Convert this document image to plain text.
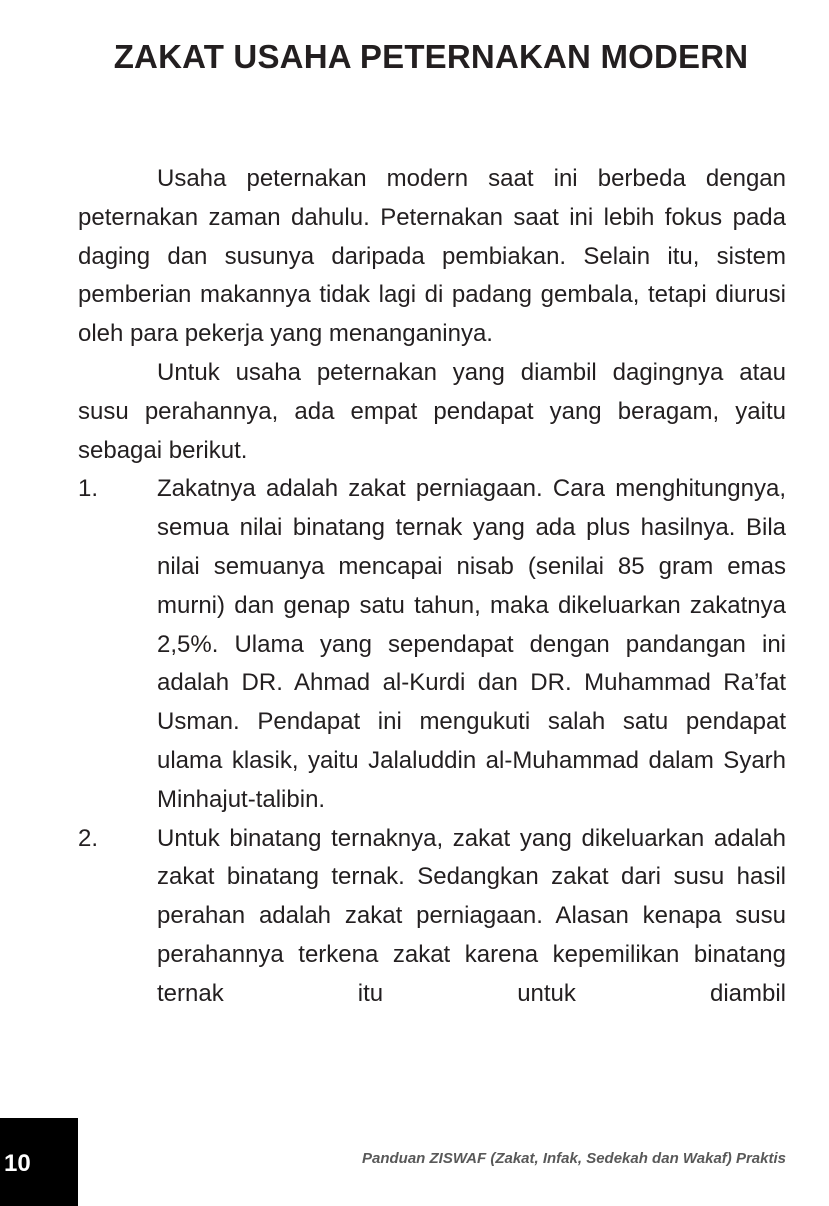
ZAKAT USAHA PETERNAKAN MODERN

Usaha peternakan modern saat ini berbeda dengan peternakan zaman dahulu. Peternakan saat ini lebih fokus pada daging dan susunya daripada pembiakan. Selain itu, sistem pemberian makannya tidak lagi di padang gembala, tetapi diurusi oleh para pekerja yang menanganinya.

Untuk usaha peternakan yang diambil dagingnya atau susu perahannya, ada empat pendapat yang beragam, yaitu sebagai berikut.

1. Zakatnya adalah zakat perniagaan. Cara menghitungnya, semua nilai binatang ternak yang ada plus hasilnya. Bila nilai semuanya mencapai nisab (senilai 85 gram emas murni) dan genap satu tahun, maka dikeluarkan zakatnya 2,5%. Ulama yang sependapat dengan pandangan ini adalah DR. Ahmad al-Kurdi dan DR. Muhammad Ra’fat Usman. Pendapat ini mengukuti salah satu pendapat ulama klasik, yaitu Jalaluddin al-Muhammad dalam Syarh Minhajut-talibin.
2. Untuk binatang ternaknya, zakat yang dikeluarkan adalah zakat binatang ternak. Sedangkan zakat dari susu hasil perahan adalah zakat perniagaan. Alasan kenapa susu perahannya terkena zakat karena kepemilikan binatang ternak itu untuk diambil
10	Panduan ZISWAF (Zakat, Infak, Sedekah dan Wakaf) Praktis
